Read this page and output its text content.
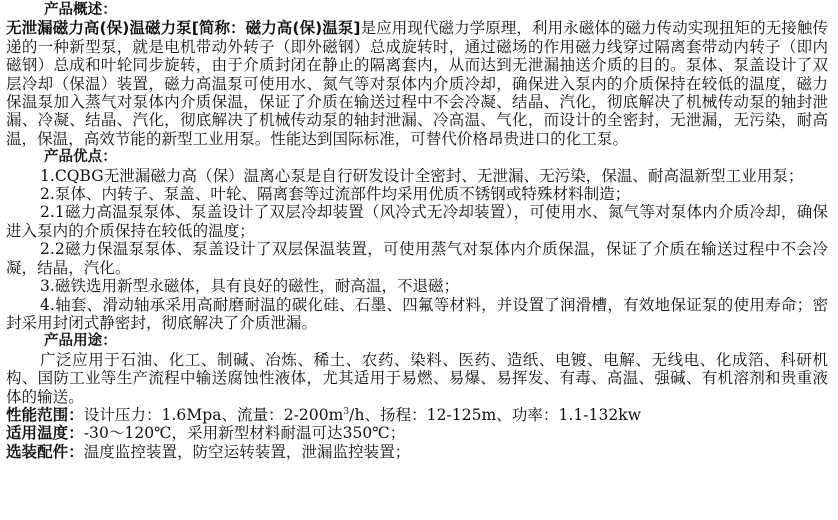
产品概述：

无泄漏磁力高(保)温磁力泵[简称：磁力高(保)温泵]是应用现代磁力学原理，利用永磁体的磁力传动实现扭矩的无接触传递的一种新型泵，就是电机带动外转子（即外磁钢）总成旋转时，通过磁场的作用磁力线穿过隔离套带动内转子（即内磁钢）总成和叶轮同步旋转，由于介质封闭在静止的隔离套内，从而达到无泄漏抽送介质的目的。泵体、泵盖设计了双层冷却（保温）装置，磁力高温泵可使用水、氮气等对泵体内介质冷却，确保进入泵内的介质保持在较低的温度，磁力保温泵加入蒸气对泵体内介质保温，保证了介质在输送过程中不会冷凝、结晶、汽化，彻底解决了机械传动泵的轴封泄漏、冷凝、结晶、汽化，彻底解决了机械传动泵的轴封泄漏、冷高温、气化，而设计的全密封，无泄漏，无污染，耐高温，保温，高效节能的新型工业用泵。性能达到国际标准，可替代价格昂贵进口的化工泵。

产品优点：

1.CQBG无泄漏磁力高（保）温离心泵是自行研发设计全密封、无泄漏、无污染，保温、耐高温新型工业用泵；

2.泵体、内转子、泵盖、叶轮、隔离套等过流部件均采用优质不锈钢或特殊材料制造；

2.1磁力高温泵泵体、泵盖设计了双层冷却装置（风冷式无冷却装置），可使用水、氮气等对泵体内介质冷却，确保进入泵内的介质保持在较低的温度；

2.2磁力保温泵泵体、泵盖设计了双层保温装置，可使用蒸气对泵体内介质保温，保证了介质在输送过程中不会冷凝，结晶，汽化。

3.磁铁选用新型永磁体，具有良好的磁性，耐高温，不退磁；

4.轴套、滑动轴承采用高耐磨耐温的碳化硅、石墨、四氟等材料，并设置了润滑槽，有效地保证泵的使用寿命；密封采用封闭式静密封，彻底解决了介质泄漏。

产品用途：

广泛应用于石油、化工、制碱、冶炼、稀土、农药、染料、医药、造纸、电镀、电解、无线电、化成箔、科研机构、国防工业等生产流程中输送腐蚀性液体，尤其适用于易燃、易爆、易挥发、有毒、高温、强碱、有机溶剂和贵重液体的输送。

性能范围：设计压力：1.6Mpa、流量：$2-200m^3/h$、扬程：12-125m、功率：1.1-132kw
适用温度：-30～120℃，采用新型材料耐温可达350℃；
选装配件：温度监控装置，防空运转装置，泄漏监控装置；
